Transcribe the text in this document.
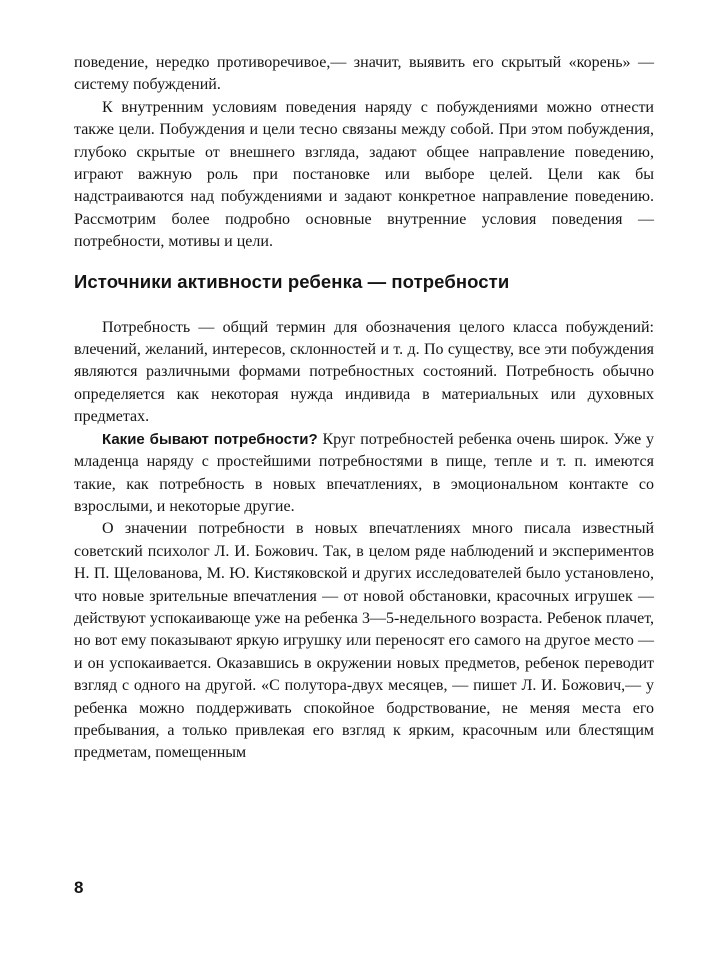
поведение, нередко противоречивое,— значит, выявить его скрытый «корень» — систему побуждений.

К внутренним условиям поведения наряду с побуждениями можно отнести также цели. Побуждения и цели тесно связаны между собой. При этом побуждения, глубоко скрытые от внешнего взгляда, задают общее направление поведению, играют важную роль при постановке или выборе целей. Цели как бы надстраиваются над побуждениями и задают конкретное направление поведению. Рассмотрим более подробно основные внутренние условия поведения — потребности, мотивы и цели.

Источники активности ребенка — потребности

Потребность — общий термин для обозначения целого класса побуждений: влечений, желаний, интересов, склонностей и т. д. По существу, все эти побуждения являются различными формами потребностных состояний. Потребность обычно определяется как некоторая нужда индивида в материальных или духовных предметах.

Какие бывают потребности? Круг потребностей ребенка очень широк. Уже у младенца наряду с простейшими потребностями в пище, тепле и т. п. имеются такие, как потребность в новых впечатлениях, в эмоциональном контакте со взрослыми, и некоторые другие.

О значении потребности в новых впечатлениях много писала известный советский психолог Л. И. Божович. Так, в целом ряде наблюдений и экспериментов Н. П. Щелованова, М. Ю. Кистяковской и других исследователей было установлено, что новые зрительные впечатления — от новой обстановки, красочных игрушек — действуют успокаивающе уже на ребенка 3—5-недельного возраста. Ребенок плачет, но вот ему показывают яркую игрушку или переносят его самого на другое место — и он успокаивается. Оказавшись в окружении новых предметов, ребенок переводит взгляд с одного на другой. «С полутора-двух месяцев, — пишет Л. И. Божович,— у ребенка можно поддерживать спокойное бодрствование, не меняя места его пребывания, а только привлекая его взгляд к ярким, красочным или блестящим предметам, помещенным

8
